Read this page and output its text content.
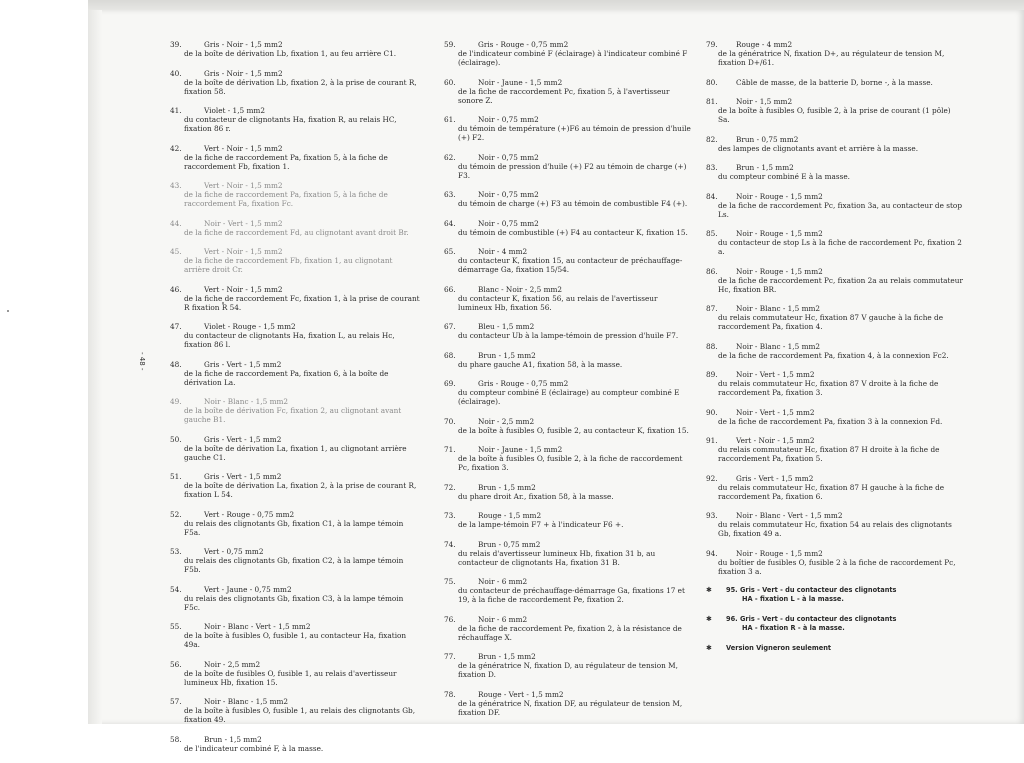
- 48 -
39.	Gris - Noir - 1,5 mm2
de la boîte de dérivation Lb, fixation 1, au feu arrière C1.
40.	Gris - Noir - 1,5 mm2
de la boîte de dérivation Lb, fixation 2, à la prise de courant R, fixation 58.
41.	Violet - 1,5 mm2
du contacteur de clignotants Ha, fixation R, au relais HC, fixation 86 r.
42.	Vert - Noir - 1,5 mm2
de la fiche de raccordement Pa, fixation 5, à la fiche de raccordement Fb, fixation 1.
43.	Vert - Noir - 1,5 mm2
de la fiche de raccordement Pa, fixation 5, à la fiche de raccordement Fa, fixation Fc.
44.	Noir - Vert - 1,5 mm2
de la fiche de raccordement Fd, au clignotant avant droit Br.
45.	Vert - Noir - 1,5 mm2
de la fiche de raccordement Fb, fixation 1, au clignotant arrière droit Cr.
46.	Vert - Noir - 1,5 mm2
de la fiche de raccordement Fc, fixation 1, à la prise de courant R fixation R 54.
47.	Violet - Rouge - 1,5 mm2
du contacteur de clignotants Ha, fixation L, au relais Hc, fixation 86 l.
48.	Gris - Vert - 1,5 mm2
de la fiche de raccordement Pa, fixation 6, à la boîte de dérivation La.
49.	Noir - Blanc - 1,5 mm2
de la boîte de dérivation Fc, fixation 2, au clignotant avant gauche B1.
50.	Gris - Vert - 1,5 mm2
de la boîte de dérivation La, fixation 1, au clignotant arrière gauche C1.
51.	Gris - Vert - 1,5 mm2
de la boîte de dérivation La, fixation 2, à la prise de courant R, fixation L 54.
52.	Vert - Rouge - 0,75 mm2
du relais des clignotants Gb, fixation C1, à la lampe témoin F5a.
53.	Vert - 0,75 mm2
du relais des clignotants Gb, fixation C2, à la lampe témoin F5b.
54.	Vert - Jaune - 0,75 mm2
du relais des clignotants Gb, fixation C3, à la lampe témoin F5c.
55.	Noir - Blanc - Vert - 1,5 mm2
de la boîte à fusibles O, fusible 1, au contacteur Ha, fixation 49a.
56.	Noir - 2,5 mm2
de la boîte de fusibles O, fusible 1, au relais d'avertisseur lumineux Hb, fixation 15.
57.	Noir - Blanc - 1,5 mm2
de la boîte à fusibles O, fusible 1, au relais des clignotants Gb, fixation 49.
58.	Brun - 1,5 mm2
de l'indicateur combiné F, à la masse.
59.	Gris - Rouge - 0,75 mm2
de l'indicateur combiné F (éclairage) à l'indicateur combiné F (éclairage).
60.	Noir - Jaune - 1,5 mm2
de la fiche de raccordement Pc, fixation 5, à l'avertisseur sonore Z.
61.	Noir - 0,75 mm2
du témoin de température (+)F6 au témoin de pression d'huile (+) F2.
62.	Noir - 0,75 mm2
du témoin de pression d'huile (+) F2 au témoin de charge (+) F3.
63.	Noir - 0,75 mm2
du témoin de charge (+) F3 au témoin de combustible F4 (+).
64.	Noir - 0,75 mm2
du témoin de combustible (+) F4 au contacteur K, fixation 15.
65.	Noir - 4 mm2
du contacteur K, fixation 15, au contacteur de préchauffage-démarrage Ga, fixation 15/54.
66.	Blanc - Noir - 2,5 mm2
du contacteur K, fixation 56, au relais de l'avertisseur lumineux Hb, fixation 56.
67.	Bleu - 1,5 mm2
du contacteur Ub à la lampe-témoin de pression d'huile F7.
68.	Brun - 1,5 mm2
du phare gauche A1, fixation 58, à la masse.
69.	Gris - Rouge - 0,75 mm2
du compteur combiné E (éclairage) au compteur combiné E (éclairage).
70.	Noir - 2,5 mm2
de la boîte à fusibles O, fusible 2, au contacteur K, fixation 15.
71.	Noir - Jaune - 1,5 mm2
de la boîte à fusibles O, fusible 2, à la fiche de raccordement Pc, fixation 3.
72.	Brun - 1,5 mm2
du phare droit Ar., fixation 58, à la masse.
73.	Rouge - 1,5 mm2
de la lampe-témoin F7 + à l'indicateur F6 +.
74.	Brun - 0,75 mm2
du relais d'avertisseur lumineux Hb, fixation 31 b, au contacteur de clignotants Ha, fixation 31 B.
75.	Noir - 6 mm2
du contacteur de préchauffage-démarrage Ga, fixations 17 et 19, à la fiche de raccordement Pe, fixation 2.
76.	Noir - 6 mm2
de la fiche de raccordement Pe, fixation 2, à la résistance de réchauffage X.
77.	Brun - 1,5 mm2
de la génératrice N, fixation D, au régulateur de tension M, fixation D.
78.	Rouge - Vert - 1,5 mm2
de la génératrice N, fixation DF, au régulateur de tension M, fixation DF.
79.	Rouge - 4 mm2
de la génératrice N, fixation D+, au régulateur de tension M, fixation D+/61.
80.	Câble de masse, de la batterie D, borne -, à la masse.
81.	Noir - 1,5 mm2
de la boîte à fusibles O, fusible 2, à la prise de courant (1 pôle) Sa.
82.	Brun - 0,75 mm2
des lampes de clignotants avant et arrière à la masse.
83.	Brun - 1,5 mm2
du compteur combiné E à la masse.
84.	Noir - Rouge - 1,5 mm2
de la fiche de raccordement Pc, fixation 3a, au contacteur de stop Ls.
85.	Noir - Rouge - 1,5 mm2
du contacteur de stop Ls à la fiche de raccordement Pc, fixation 2 a.
86.	Noir - Rouge - 1,5 mm2
de la fiche de raccordement Pc, fixation 2a au relais commutateur Hc, fixation BR.
87.	Noir - Blanc - 1,5 mm2
du relais commutateur Hc, fixation 87 V gauche à la fiche de raccordement Pa, fixation 4.
88.	Noir - Blanc - 1,5 mm2
de la fiche de raccordement Pa, fixation 4, à la connexion Fc2.
89.	Noir - Vert - 1,5 mm2
du relais commutateur Hc, fixation 87 V droite à la fiche de raccordement Pa, fixation 3.
90.	Noir - Vert - 1,5 mm2
de la fiche de raccordement Pa, fixation 3 à la connexion Fd.
91.	Vert - Noir - 1,5 mm2
du relais commutateur Hc, fixation 87 H droite à la fiche de raccordement Pa, fixation 5.
92.	Gris - Vert - 1,5 mm2
du relais commutateur Hc, fixation 87 H gauche à la fiche de raccordement Pa, fixation 6.
93.	Noir - Blanc - Vert - 1,5 mm2
du relais commutateur Hc, fixation 54 au relais des clignotants Gb, fixation 49 a.
94.	Noir - Rouge - 1,5 mm2
du boîtier de fusibles O, fusible 2 à la fiche de raccordement Pc, fixation 3 a.
✱ 95. Gris - Vert - du contacteur des clignotants
HA - fixation L - à la masse.
✱ 96. Gris - Vert - du contacteur des clignotants
HA - fixation R - à la masse.
✱ Version Vigneron seulement
